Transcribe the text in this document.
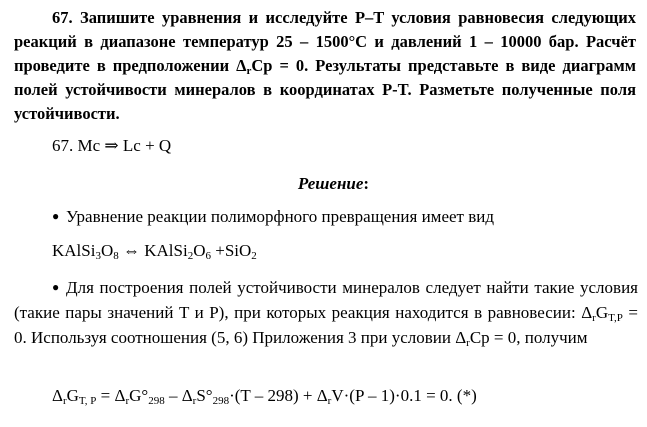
67. Запишите уравнения и исследуйте P–T условия равновесия следующих реакций в диапазоне температур 25 – 1500°C и давлений 1 – 10000 бар. Расчёт проведите в предположении $\Delta_rCp = 0$. Результаты представьте в виде диаграмм полей устойчивости минералов в координатах P-T. Разметьте полученные поля устойчивости.
67. Mc ⇒ Lc + Q
Решение:
● Уравнение реакции полиморфного превращения имеет вид
$KAlSi_3O_8$ ⇔ $KAlSi_2O_6 +SiO_2$
● Для построения полей устойчивости минералов следует найти такие условия (такие пары значений T и P), при которых реакция находится в равновесии: $\Delta_rG_{T,P} = 0$. Используя соотношения (5, 6) Приложения 3 при условии $\Delta_rCp = 0$, получим
$\Delta_rG_{T, P} = \Delta_rG^\circ_{298} - \Delta_rS^\circ_{298}\cdot(T - 298) + \Delta_rV\cdot(P - 1)\cdot 0.1 = 0$. (*)
